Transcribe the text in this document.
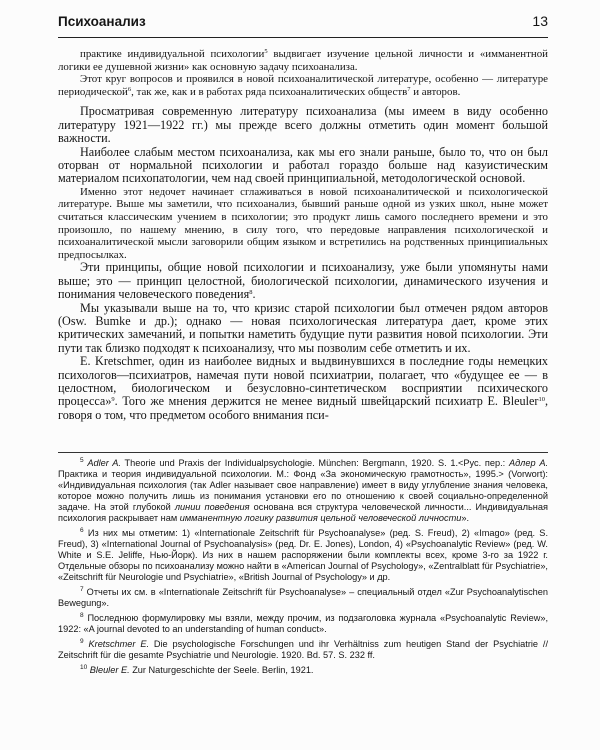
Психоанализ	13

практике индивидуальной психологии$^5$ выдвигает изучение цельной личности и «имманентной логики ее душевной жизни» как основную задачу психоанализа.

Этот круг вопросов и проявился в новой психоаналитической литературе, особенно — литературе периодической$^6$, так же, как и в работах ряда психоаналитических обществ$^7$ и авторов.

Просматривая современную литературу психоанализа (мы имеем в виду особенно литературу 1921—1922 гг.) мы прежде всего должны отметить один момент большой важности.

Наиболее слабым местом психоанализа, как мы его знали раньше, было то, что он был оторван от нормальной психологии и работал гораздо больше над казуистическим материалом психопатологии, чем над своей принципиальной, методологической основой.

Именно этот недочет начинает сглаживаться в новой психоаналитической и психологической литературе. Выше мы заметили, что психоанализ, бывший раньше одной из узких школ, ныне может считаться классическим учением в психологии; это продукт лишь самого последнего времени и это произошло, по нашему мнению, в силу того, что передовые направления психологической и психоаналитической мысли заговорили общим языком и встретились на родственных принципиальных предпосылках.

Эти принципы, общие новой психологии и психоанализу, уже были упомянуты нами выше; это — принцип целостной, биологической психологии, динамического изучения и понимания человеческого поведения$^8$.

Мы указывали выше на то, что кризис старой психологии был отмечен рядом авторов (Osw. Bumke и др.); однако — новая психологическая литература дает, кроме этих критических замечаний, и попытки наметить будущие пути развития новой психологии. Эти пути так близко подходят к психоанализу, что мы позволим себе отметить и их.

E. Kretschmer, один из наиболее видных и выдвинувшихся в последние годы немецких психологов—психиатров, намечая пути новой психиатрии, полагает, что «будущее ее — в целостном, биологическом и безусловно-синтетическом восприятии психического процесса»$^9$. Того же мнения держится не менее видный швейцарский психиатр E. Bleuler$^{10}$, говоря о том, что предметом особого внимания пси-

$^5$ Adler A. Theorie und Praxis der Individualpsychologie. München: Bergmann, 1920. S. 1.<Рус. пер.: Адлер А. Практика и теория индивидуальной психологии. М.: Фонд «За экономическую грамотность», 1995.> (Vorwort): «Индивидуальная психология (так Adler называет свое направление) имеет в виду углубление знания человека, которое можно получить лишь из понимания установки его по отношению к своей социально-определенной задаче. На этой глубокой линии поведения основана вся структура человеческой личности... Индивидуальная психология раскрывает нам имманентную логику развития цельной человеческой личности».

$^6$ Из них мы отметим: 1) «Internationale Zeitschrift für Psychoanalyse» (ред. S. Freud), 2) «Imago» (ред. S. Freud), 3) «International Journal of Psychoanalysis» (ред. Dr. E. Jones), London, 4) «Psychoanalytic Review» (ред. W. White и S.E. Jeliffe, Нью-Йорк). Из них в нашем распоряжении были комплекты всех, кроме 3-го за 1922 г. Отдельные обзоры по психоанализу можно найти в «American Journal of Psychology», «Zentralblatt für Psychiatrie», «Zeitschrift für Neurologie und Psychiatrie», «British Journal of Psychology» и др.

$^7$ Отчеты их см. в «Internationale Zeitschrift für Psychoanalyse» – специальный отдел «Zur Psychoanalytischen Bewegung».

$^8$ Последнюю формулировку мы взяли, между прочим, из подзаголовка журнала «Psychoanalytic Review», 1922: «A journal devoted to an understanding of human conduct».

$^9$ Kretschmer E. Die psychologische Forschungen und ihr Verhältniss zum heutigen Stand der Psychiatrie // Zeitschrift für die gesamte Psychiatrie und Neurologie. 1920. Bd. 57. S. 232 ff.

$^{10}$ Bleuler E. Zur Naturgeschichte der Seele. Berlin, 1921.
